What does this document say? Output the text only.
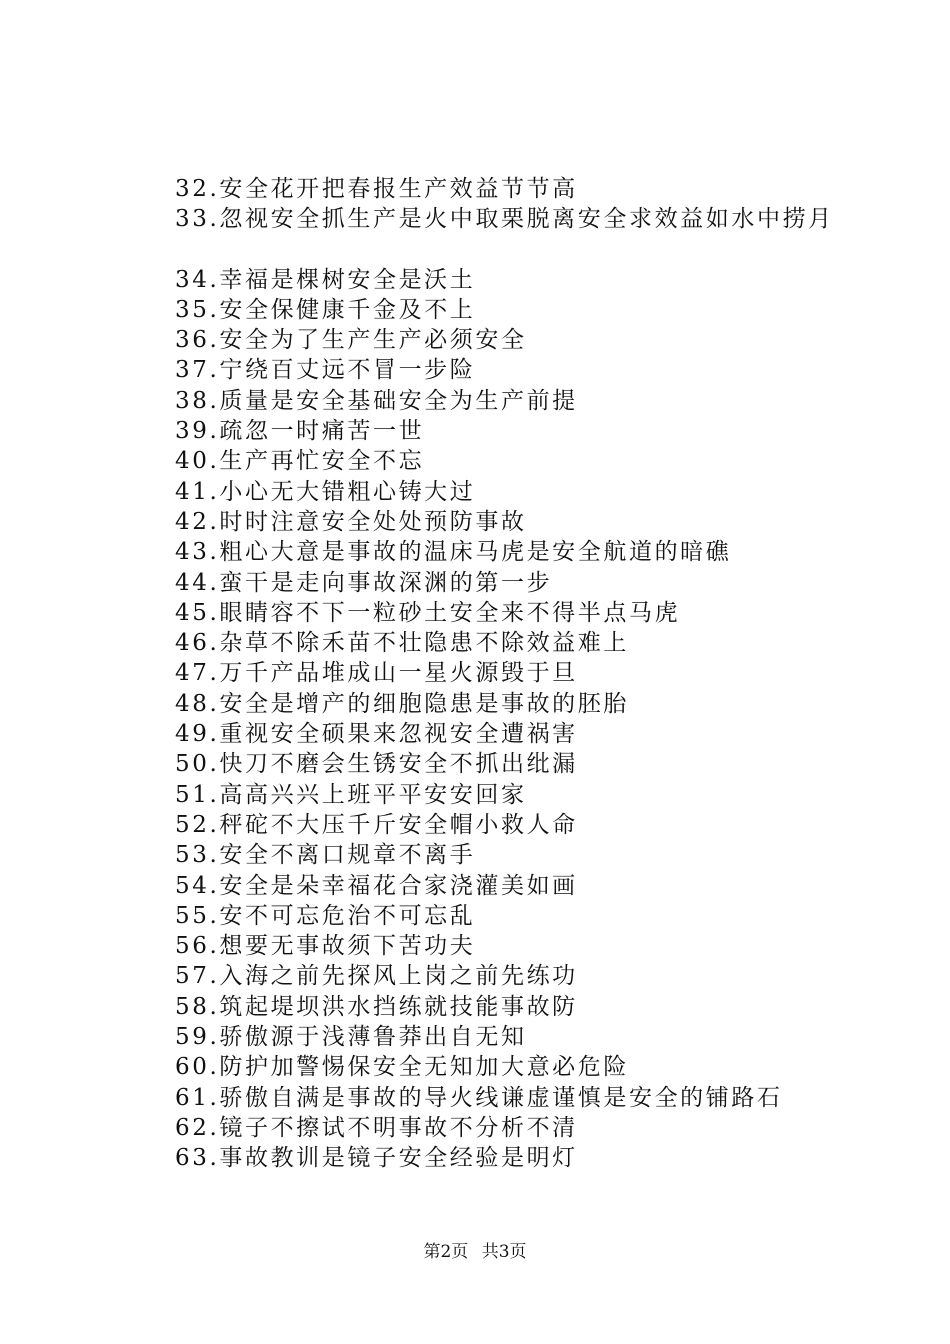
32.安全花开把春报生产效益节节高
33.忽视安全抓生产是火中取栗脱离安全求效益如水中捞月
34.幸福是棵树安全是沃土
35.安全保健康千金及不上
36.安全为了生产生产必须安全
37.宁绕百丈远不冒一步险
38.质量是安全基础安全为生产前提
39.疏忽一时痛苦一世
40.生产再忙安全不忘
41.小心无大错粗心铸大过
42.时时注意安全处处预防事故
43.粗心大意是事故的温床马虎是安全航道的暗礁
44.蛮干是走向事故深渊的第一步
45.眼睛容不下一粒砂土安全来不得半点马虎
46.杂草不除禾苗不壮隐患不除效益难上
47.万千产品堆成山一星火源毁于旦
48.安全是增产的细胞隐患是事故的胚胎
49.重视安全硕果来忽视安全遭祸害
50.快刀不磨会生锈安全不抓出纰漏
51.高高兴兴上班平平安安回家
52.秤砣不大压千斤安全帽小救人命
53.安全不离口规章不离手
54.安全是朵幸福花合家浇灌美如画
55.安不可忘危治不可忘乱
56.想要无事故须下苦功夫
57.入海之前先探风上岗之前先练功
58.筑起堤坝洪水挡练就技能事故防
59.骄傲源于浅薄鲁莽出自无知
60.防护加警惕保安全无知加大意必危险
61.骄傲自满是事故的导火线谦虚谨慎是安全的铺路石
62.镜子不擦试不明事故不分析不清
63.事故教训是镜子安全经验是明灯
第2页 共3页
